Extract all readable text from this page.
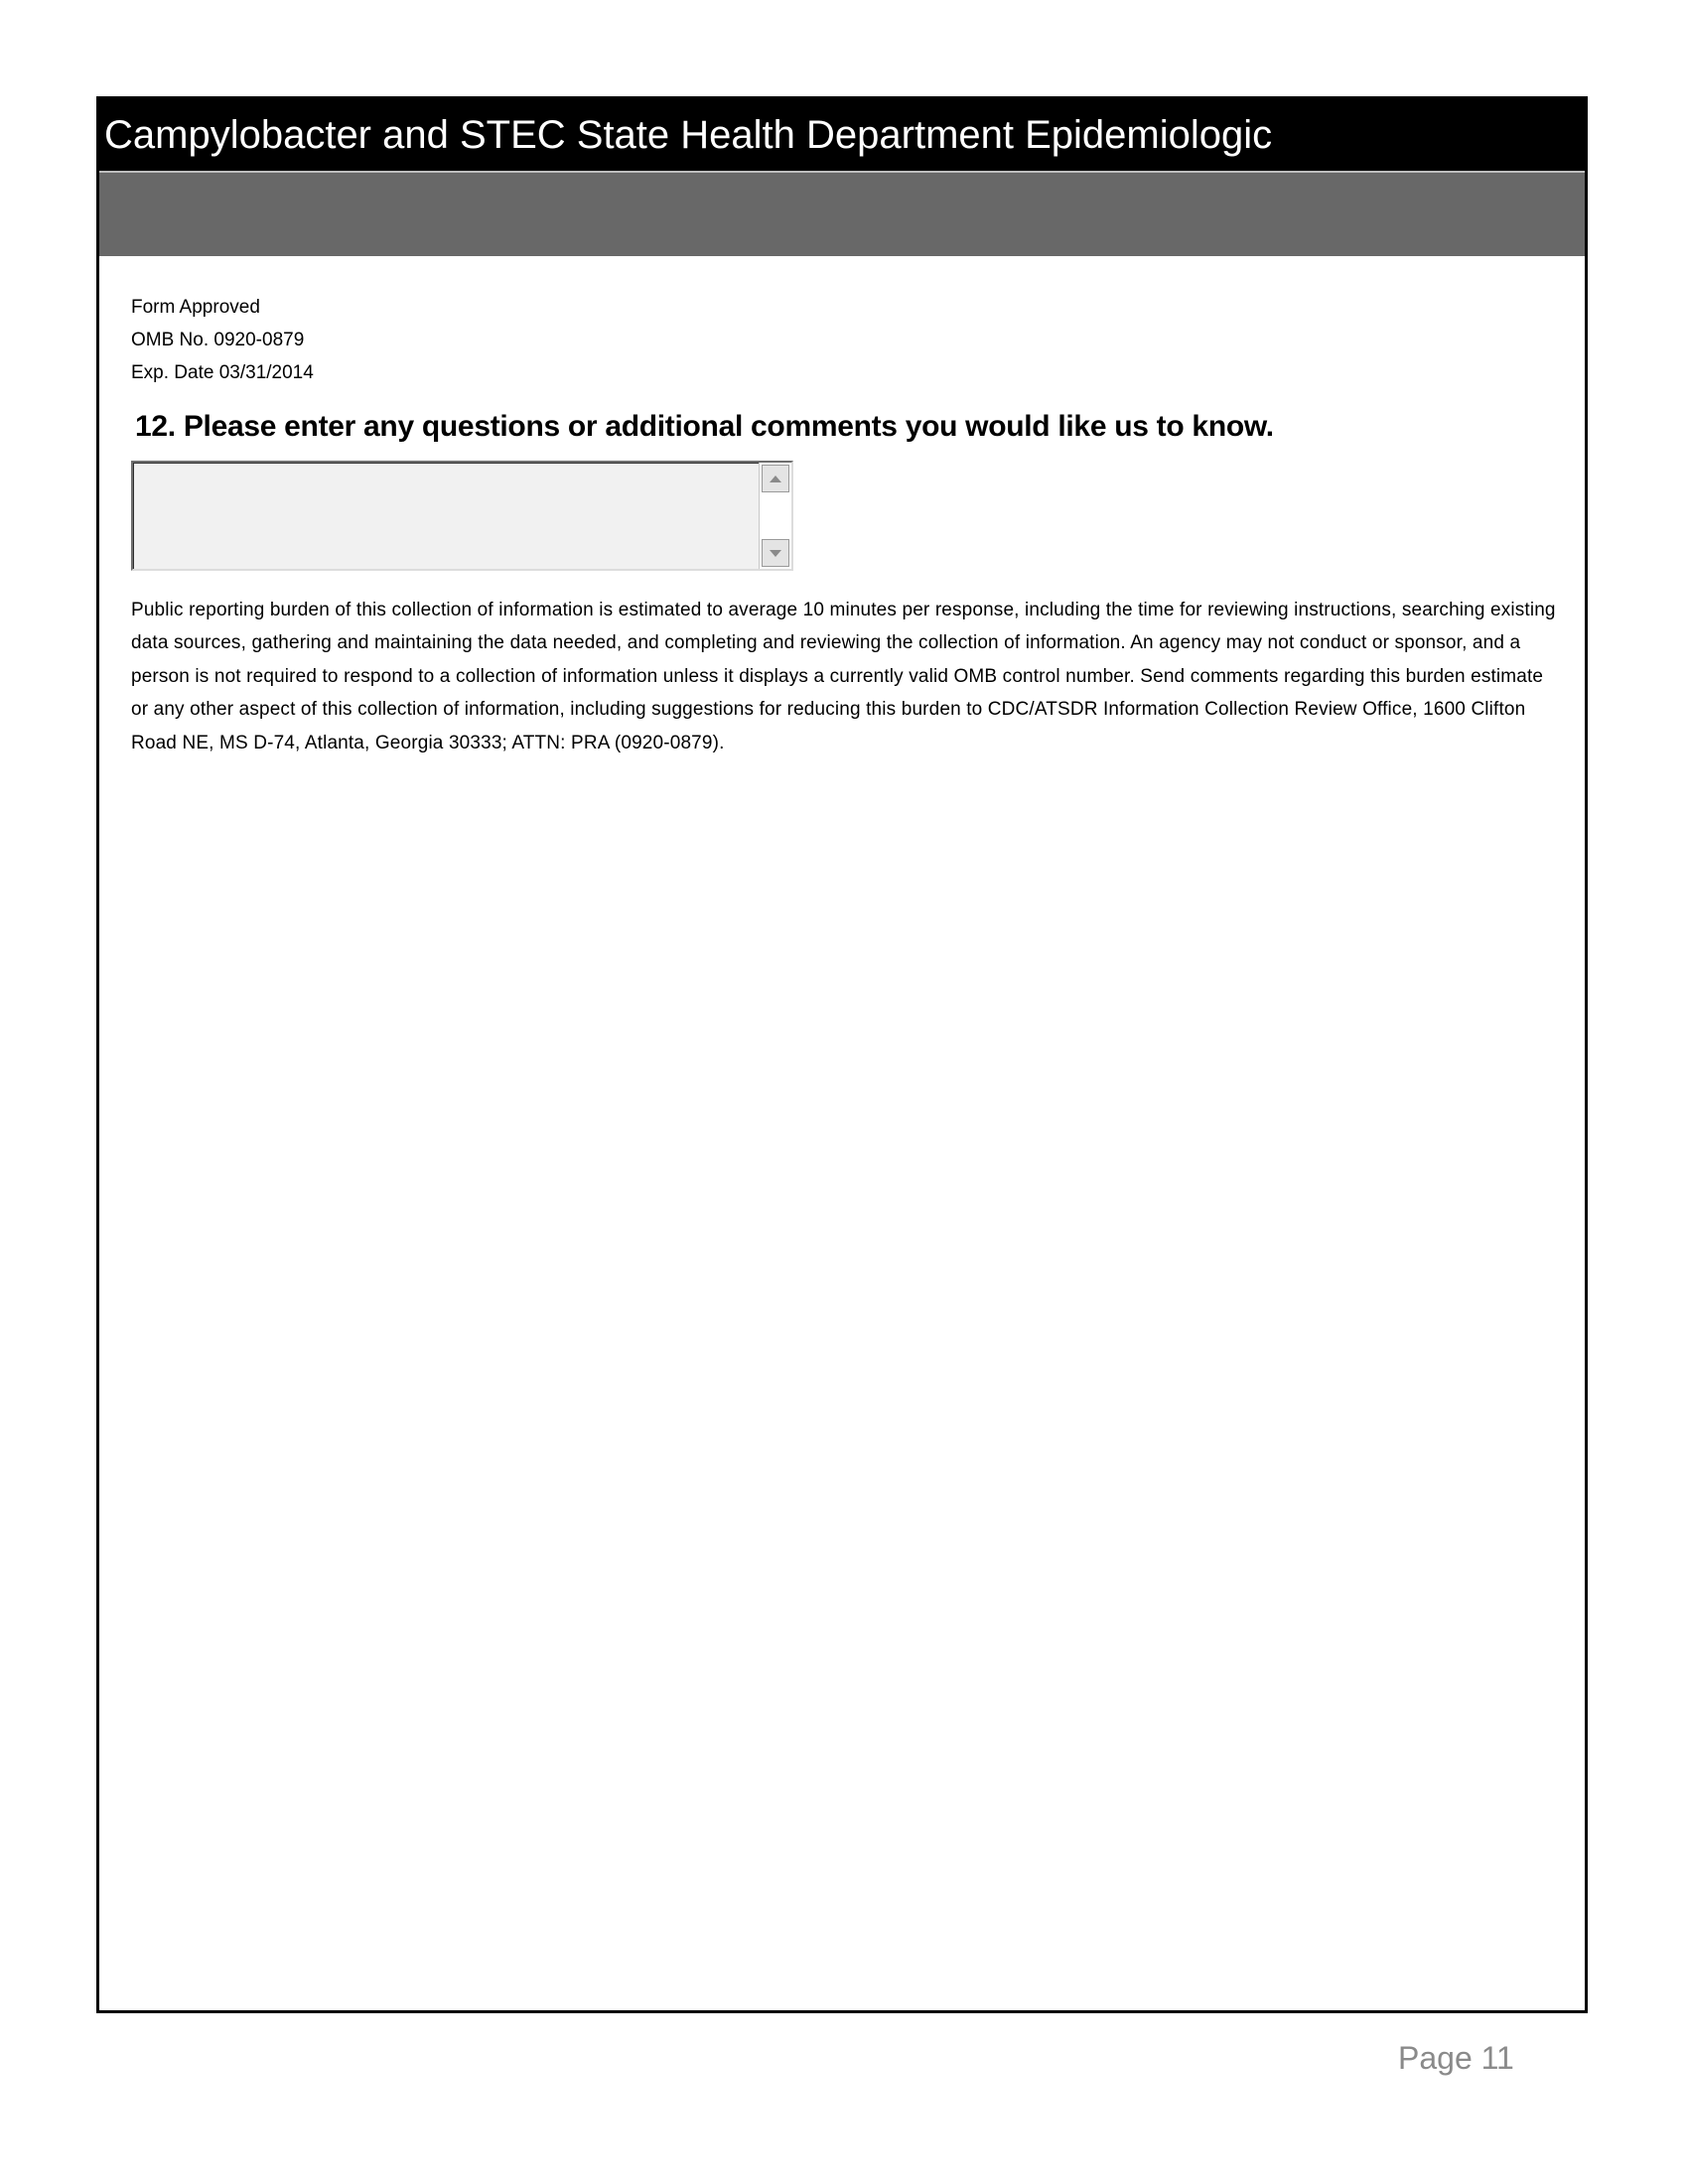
Campylobacter and STEC State Health Department Epidemiologic
Form Approved
OMB No. 0920-0879
Exp. Date 03/31/2014
12. Please enter any questions or additional comments you would like us to know.
Public reporting burden of this collection of information is estimated to average 10 minutes per response, including the time for reviewing instructions, searching existing data sources, gathering and maintaining the data needed, and completing and reviewing the collection of information. An agency may not conduct or sponsor, and a person is not required to respond to a collection of information unless it displays a currently valid OMB control number. Send comments regarding this burden estimate or any other aspect of this collection of information, including suggestions for reducing this burden to CDC/ATSDR Information Collection Review Office, 1600 Clifton Road NE, MS D-74, Atlanta, Georgia 30333; ATTN: PRA (0920-0879).
Page 11
